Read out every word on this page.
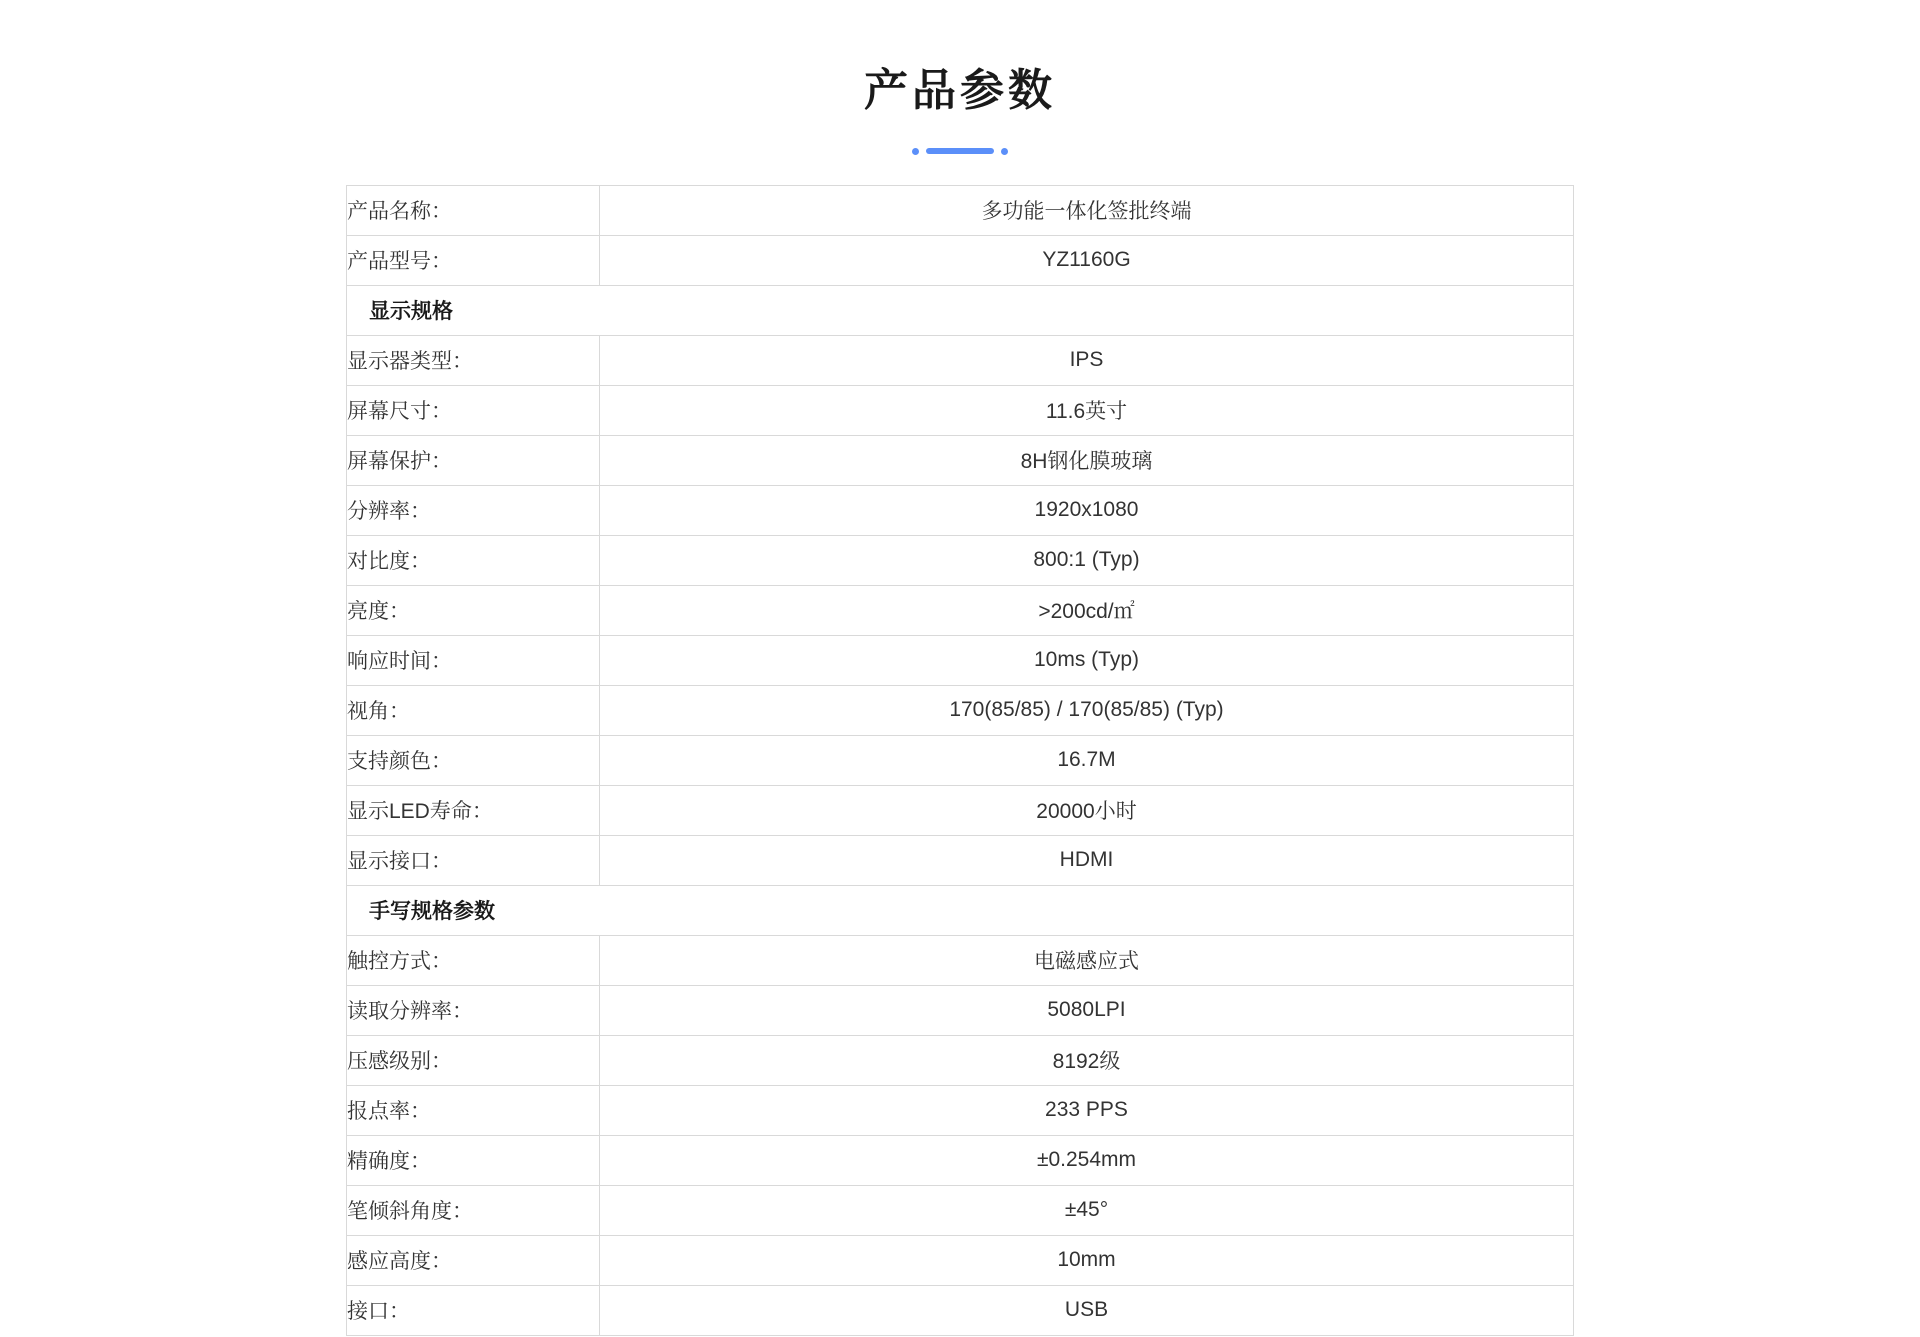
产品参数
产品名称：	多功能一体化签批终端
产品型号：	YZ1160G
显示规格	
显示器类型：	IPS
屏幕尺寸：	11.6英寸
屏幕保护：	8H钢化膜玻璃
分辨率：	1920x1080
对比度：	800:1 (Typ)
亮度：	>200cd/㎡
响应时间：	10ms (Typ)
视角：	170(85/85) / 170(85/85) (Typ)
支持颜色：	16.7M
显示LED寿命：	20000小时
显示接口：	HDMI
手写规格参数	
触控方式：	电磁感应式
读取分辨率：	5080LPI
压感级别：	8192级
报点率：	233 PPS
精确度：	±0.254mm
笔倾斜角度：	±45°
感应高度：	10mm
接口：	USB
